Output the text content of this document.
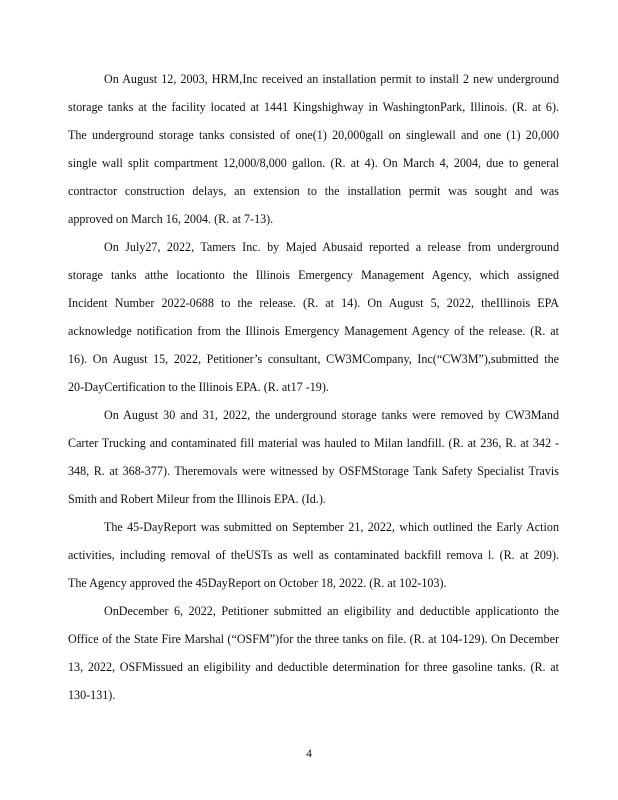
On August 12, 2003, HRM,Inc received an installation permit to install 2 new underground
storage tanks at the facility located at 1441 Kingshighway in WashingtonPark, Illinois. (R. at 6).
The underground storage tanks consisted of one(1) 20,000gall on singlewall and one (1) 20,000
single wall split compartment 12,000/8,000 gallon. (R. at 4). On March 4, 2004, due to general
contractor construction delays, an extension to the installation permit was sought and was
approved on March 16, 2004. (R. at 7-13).
On July27, 2022, Tamers Inc. by Majed Abusaid reported a release from underground
storage tanks atthe locationto the Illinois Emergency Management Agency, which assigned
Incident Number 2022-0688 to the release. (R. at 14). On August 5, 2022, theIllinois EPA
acknowledge notification from the Illinois Emergency Management Agency of the release. (R. at
16). On August 15, 2022, Petitioner’s consultant, CW3MCompany, Inc(“CW3M”),submitted the
20-DayCertification to the Illinois EPA. (R. at17 -19).
On August 30 and 31, 2022, the underground storage tanks were removed by CW3Mand
Carter Trucking and contaminated fill material was hauled to Milan landfill. (R. at 236, R. at 342 -
348, R. at 368-377). Theremovals were witnessed by OSFMStorage Tank Safety Specialist Travis
Smith and Robert Mileur from the Illinois EPA. (Id.).
The 45-DayReport was submitted on September 21, 2022, which outlined the Early Action
activities, including removal of theUSTs as well as contaminated backfill remova l. (R. at 209).
The Agency approved the 45DayReport on October 18, 2022. (R. at 102-103).
OnDecember 6, 2022, Petitioner submitted an eligibility and deductible applicationto the
Office of the State Fire Marshal (“OSFM”)for the three tanks on file. (R. at 104-129). On December
13, 2022, OSFMissued an eligibility and deductible determination for three gasoline tanks. (R. at
130-131).
4
